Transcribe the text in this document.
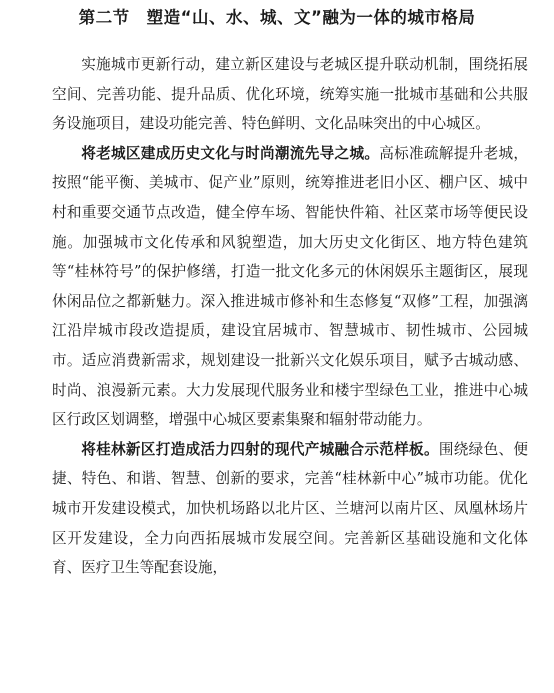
第二节　塑造“山、水、城、文”融为一体的城市格局

实施城市更新行动，建立新区建设与老城区提升联动机制，围绕拓展空间、完善功能、提升品质、优化环境，统筹实施一批城市基础和公共服务设施项目，建设功能完善、特色鲜明、文化品味突出的中心城区。

将老城区建成历史文化与时尚潮流先导之城。高标准疏解提升老城，按照“能平衡、美城市、促产业”原则，统筹推进老旧小区、棚户区、城中村和重要交通节点改造，健全停车场、智能快件箱、社区菜市场等便民设施。加强城市文化传承和风貌塑造，加大历史文化街区、地方特色建筑等“桂林符号”的保护修缮，打造一批文化多元的休闲娱乐主题街区，展现休闲品位之都新魅力。深入推进城市修补和生态修复“双修”工程，加强漓江沿岸城市段改造提质，建设宜居城市、智慧城市、韧性城市、公园城市。适应消费新需求，规划建设一批新兴文化娱乐项目，赋予古城动感、时尚、浪漫新元素。大力发展现代服务业和楼宇型绿色工业，推进中心城区行政区划调整，增强中心城区要素集聚和辐射带动能力。

将桂林新区打造成活力四射的现代产城融合示范样板。围绕绿色、便捷、特色、和谐、智慧、创新的要求，完善“桂林新中心”城市功能。优化城市开发建设模式，加快机场路以北片区、兰塘河以南片区、凤凰林场片区开发建设，全力向西拓展城市发展空间。完善新区基础设施和文化体育、医疗卫生等配套设施，
